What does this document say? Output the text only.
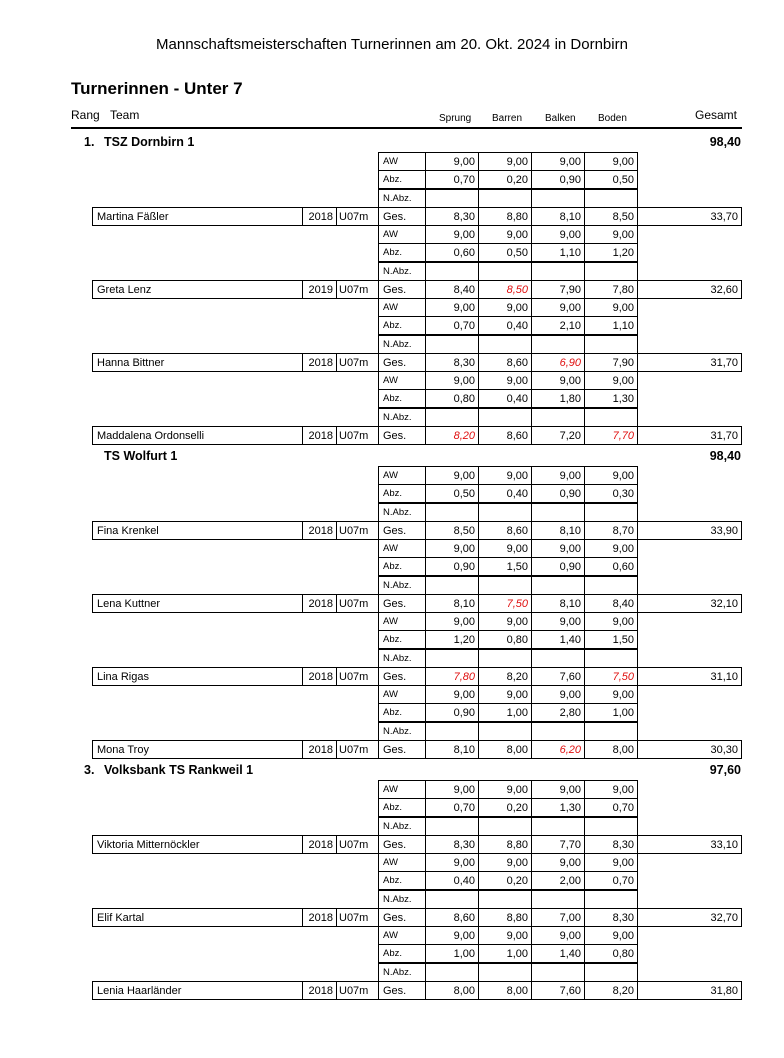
Mannschaftsmeisterschaften Turnerinnen am 20. Okt. 2024 in Dornbirn
Turnerinnen - Unter 7
Rang Team	Sprung Barren Balken Boden	Gesamt
1. TSZ Dornbirn 1	98,40
AW	9,00	9,00	9,00	9,00
Abz.	0,70	0,20	0,90	0,50
N.Abz.
Martina Fäßler	2018 U07m	Ges.	8,30	8,80	8,10	8,50	33,70
AW	9,00	9,00	9,00	9,00
Abz.	0,60	0,50	1,10	1,20
N.Abz.
Greta Lenz	2019 U07m	Ges.	8,40	8,50	7,90	7,80	32,60
AW	9,00	9,00	9,00	9,00
Abz.	0,70	0,40	2,10	1,10
N.Abz.
Hanna Bittner	2018 U07m	Ges.	8,30	8,60	6,90	7,90	31,70
AW	9,00	9,00	9,00	9,00
Abz.	0,80	0,40	1,80	1,30
N.Abz.
Maddalena Ordonselli	2018 U07m	Ges.	8,20	8,60	7,20	7,70	31,70
TS Wolfurt 1	98,40
AW	9,00	9,00	9,00	9,00
Abz.	0,50	0,40	0,90	0,30
N.Abz.
Fina Krenkel	2018 U07m	Ges.	8,50	8,60	8,10	8,70	33,90
AW	9,00	9,00	9,00	9,00
Abz.	0,90	1,50	0,90	0,60
N.Abz.
Lena Kuttner	2018 U07m	Ges.	8,10	7,50	8,10	8,40	32,10
AW	9,00	9,00	9,00	9,00
Abz.	1,20	0,80	1,40	1,50
N.Abz.
Lina Rigas	2018 U07m	Ges.	7,80	8,20	7,60	7,50	31,10
AW	9,00	9,00	9,00	9,00
Abz.	0,90	1,00	2,80	1,00
N.Abz.
Mona Troy	2018 U07m	Ges.	8,10	8,00	6,20	8,00	30,30
3. Volksbank TS Rankweil 1	97,60
AW	9,00	9,00	9,00	9,00
Abz.	0,70	0,20	1,30	0,70
N.Abz.
Viktoria Mitternöckler	2018 U07m	Ges.	8,30	8,80	7,70	8,30	33,10
AW	9,00	9,00	9,00	9,00
Abz.	0,40	0,20	2,00	0,70
N.Abz.
Elif Kartal	2018 U07m	Ges.	8,60	8,80	7,00	8,30	32,70
AW	9,00	9,00	9,00	9,00
Abz.	1,00	1,00	1,40	0,80
N.Abz.
Lenia Haarländer	2018 U07m	Ges.	8,00	8,00	7,60	8,20	31,80
